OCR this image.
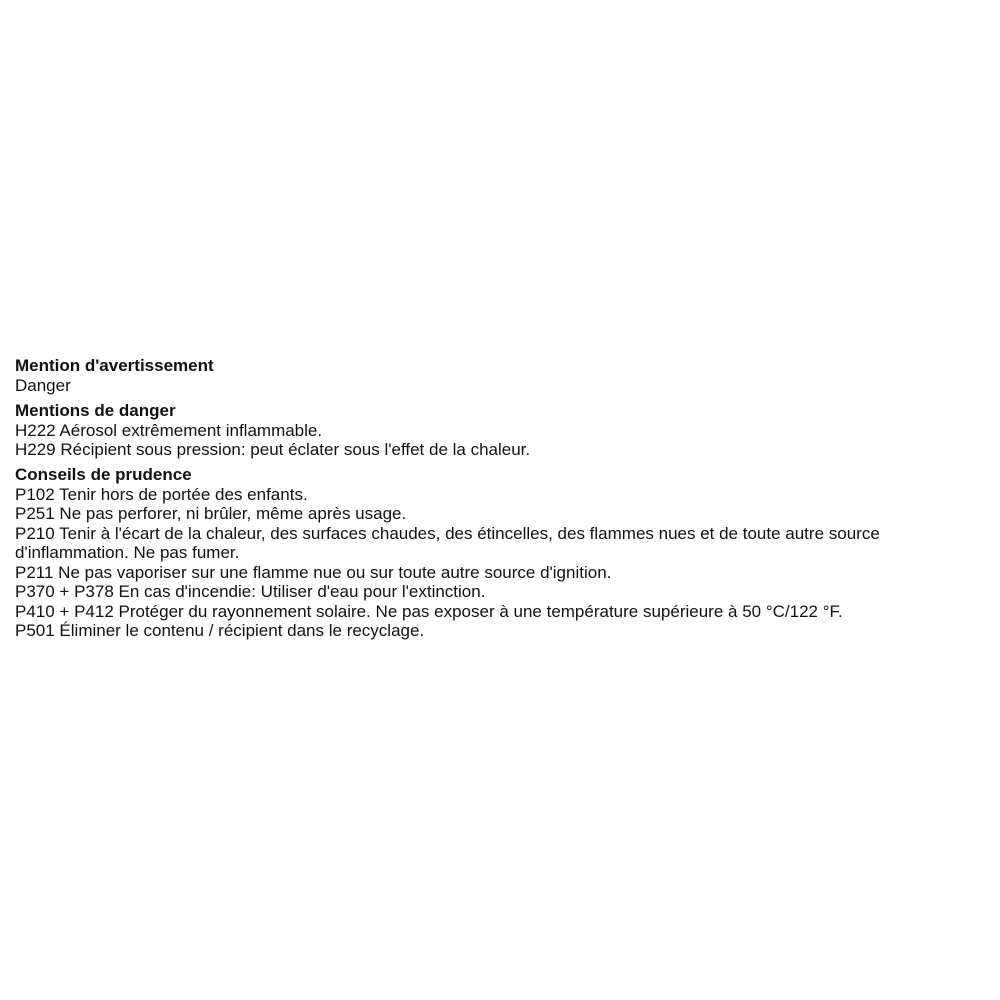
Mention d'avertissement
Danger
Mentions de danger
H222 Aérosol extrêmement inflammable.
H229 Récipient sous pression: peut éclater sous l'effet de la chaleur.
Conseils de prudence
P102 Tenir hors de portée des enfants.
P251 Ne pas perforer, ni brûler, même après usage.
P210 Tenir à l'écart de la chaleur, des surfaces chaudes, des étincelles, des flammes nues et de toute autre source d'inflammation. Ne pas fumer.
P211 Ne pas vaporiser sur une flamme nue ou sur toute autre source d'ignition.
P370 + P378 En cas d'incendie: Utiliser d'eau pour l'extinction.
P410 + P412 Protéger du rayonnement solaire. Ne pas exposer à une température supérieure à 50 °C/122 °F.
P501 Éliminer le contenu / récipient dans le recyclage.
